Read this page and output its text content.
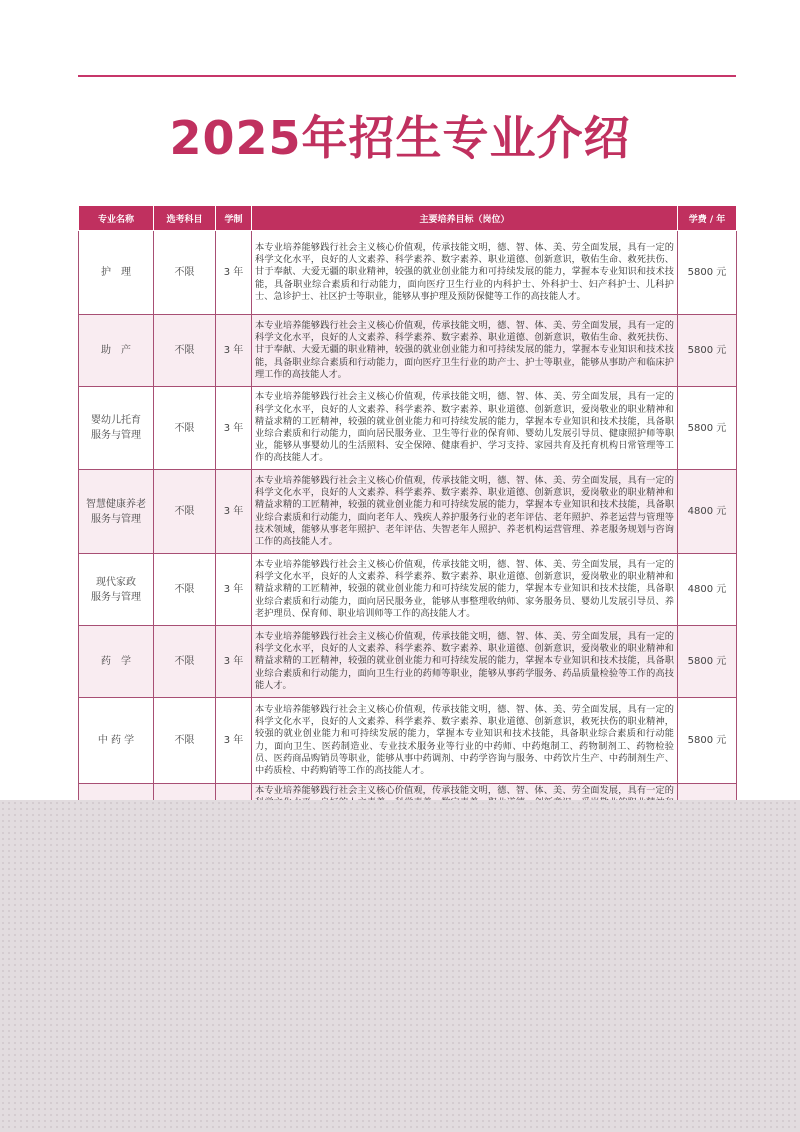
2025年招生专业介绍
专业名称	选考科目	学制	主要培养目标（岗位）	学费 / 年

护　理	不限	3 年	本专业培养能够践行社会主义核心价值观，传承技能文明，德、智、体、美、劳全面发展，具有一定的科学文化水平，良好的人文素养、科学素养、数字素养、职业道德、创新意识，敬佑生命、救死扶伤、甘于奉献、大爱无疆的职业精神，较强的就业创业能力和可持续发展的能力，掌握本专业知识和技术技能，具备职业综合素质和行动能力，面向医疗卫生行业的内科护士、外科护士、妇产科护士、儿科护士、急诊护士、社区护士等职业，能够从事护理及预防保健等工作的高技能人才。	5800 元

助　产	不限	3 年	本专业培养能够践行社会主义核心价值观，传承技能文明，德、智、体、美、劳全面发展，具有一定的科学文化水平，良好的人文素养、科学素养、数字素养、职业道德、创新意识，敬佑生命、救死扶伤、甘于奉献、大爱无疆的职业精神，较强的就业创业能力和可持续发展的能力，掌握本专业知识和技术技能，具备职业综合素质和行动能力，面向医疗卫生行业的助产士、护士等职业，能够从事助产和临床护理工作的高技能人才。	5800 元

婴幼儿托育
服务与管理	不限	3 年	本专业培养能够践行社会主义核心价值观，传承技能文明，德、智、体、美、劳全面发展，具有一定的科学文化水平，良好的人文素养、科学素养、数字素养、职业道德、创新意识，爱岗敬业的职业精神和精益求精的工匠精神，较强的就业创业能力和可持续发展的能力，掌握本专业知识和技术技能，具备职业综合素质和行动能力，面向居民服务业、卫生等行业的保育师、婴幼儿发展引导员、健康照护师等职业，能够从事婴幼儿的生活照料、安全保障、健康看护、学习支持、家园共育及托育机构日常管理等工作的高技能人才。	5800 元

智慧健康养老
服务与管理	不限	3 年	本专业培养能够践行社会主义核心价值观，传承技能文明，德、智、体、美、劳全面发展，具有一定的科学文化水平，良好的人文素养、科学素养、数字素养、职业道德、创新意识，爱岗敬业的职业精神和精益求精的工匠精神，较强的就业创业能力和可持续发展的能力，掌握本专业知识和技术技能，具备职业综合素质和行动能力，面向老年人、残疾人养护服务行业的老年评估、老年照护、养老运营与管理等技术领域，能够从事老年照护、老年评估、失智老年人照护、养老机构运营管理、养老服务规划与咨询工作的高技能人才。	4800 元

现代家政
服务与管理	不限	3 年	本专业培养能够践行社会主义核心价值观，传承技能文明，德、智、体、美、劳全面发展，具有一定的科学文化水平，良好的人文素养、科学素养、数字素养、职业道德、创新意识，爱岗敬业的职业精神和精益求精的工匠精神，较强的就业创业能力和可持续发展的能力，掌握本专业知识和技术技能，具备职业综合素质和行动能力，面向居民服务业，能够从事整理收纳师、家务服务员、婴幼儿发展引导员、养老护理员、保育师、职业培训师等工作的高技能人才。	4800 元

药　学	不限	3 年	本专业培养能够践行社会主义核心价值观，传承技能文明，德、智、体、美、劳全面发展，具有一定的科学文化水平，良好的人文素养、科学素养、数字素养、职业道德、创新意识，爱岗敬业的职业精神和精益求精的工匠精神，较强的就业创业能力和可持续发展的能力，掌握本专业知识和技术技能，具备职业综合素质和行动能力，面向卫生行业的药师等职业，能够从事药学服务、药品质量检验等工作的高技能人才。	5800 元

中 药 学	不限	3 年	本专业培养能够践行社会主义核心价值观，传承技能文明，德、智、体、美、劳全面发展，具有一定的科学文化水平，良好的人文素养、科学素养、数字素养、职业道德、创新意识，救死扶伤的职业精神，较强的就业创业能力和可持续发展的能力，掌握本专业知识和技术技能，具备职业综合素质和行动能力，面向卫生、医药制造业、专业技术服务业等行业的中药师、中药炮制工、药物制剂工、药物检验员、医药商品购销员等职业，能够从事中药调剂、中药学咨询与服务、中药饮片生产、中药制剂生产、中药质检、中药购销等工作的高技能人才。	5800 元

			本专业培养能够践行社会主义核心价值观，传承技能文明，德、智、体、美、劳全面发展，具有一定的	
